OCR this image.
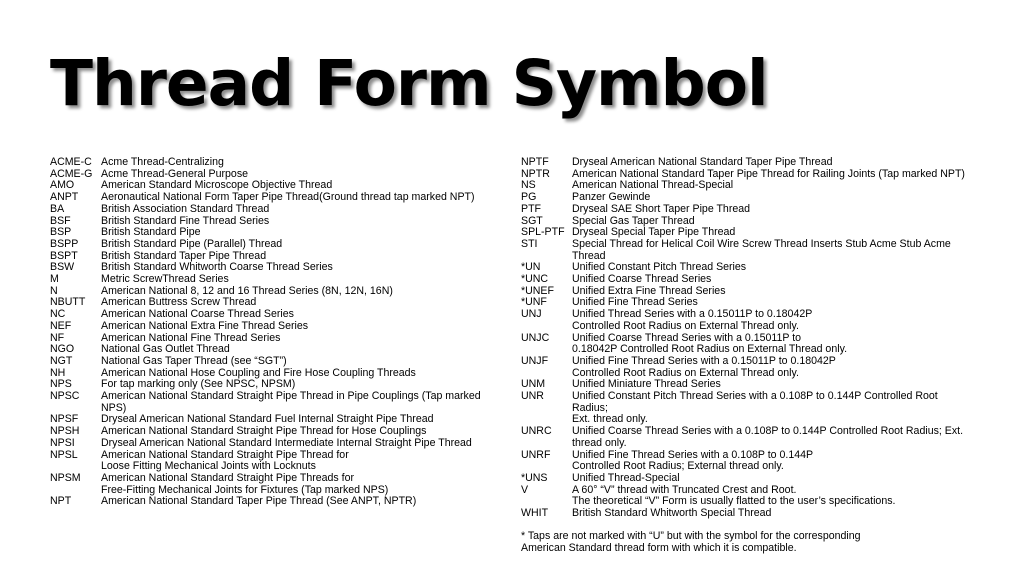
Thread Form Symbol
ACME-C Acme Thread-Centralizing
ACME-G Acme Thread-General Purpose
AMO	American Standard Microscope Objective Thread
ANPT Aeronautical National Form Taper Pipe Thread(Ground thread tap marked NPT)
BA	British Association Standard Thread
BSF	British Standard Fine Thread Series
BSP	British Standard Pipe
BSPP British Standard Pipe (Parallel) Thread
BSPT British Standard Taper Pipe Thread
BSW	British Standard Whitworth Coarse Thread Series
M	Metric ScrewThread Series
N	American National 8, 12 and 16 Thread Series (8N, 12N, 16N)
NBUTT American Buttress Screw Thread
NC	American National Coarse Thread Series
NEF	American National Extra Fine Thread Series
NF	American National Fine Thread Series
NGO	National Gas Outlet Thread
NGT	National Gas Taper Thread (see “SGT”)
NH	American National Hose Coupling and Fire Hose Coupling Threads
NPS	For tap marking only (See NPSC, NPSM)
NPSC American National Standard Straight Pipe Thread in Pipe Couplings (Tap marked NPS)
NPSF Dryseal American National Standard Fuel Internal Straight Pipe Thread
NPSH American National Standard Straight Pipe Thread for Hose Couplings
NPSI Dryseal American National Standard Intermediate Internal Straight Pipe Thread
NPSL American National Standard Straight Pipe Thread for
Loose Fitting Mechanical Joints with Locknuts
NPSM American National Standard Straight Pipe Threads for
Free-Fitting Mechanical Joints for Fixtures (Tap marked NPS)
NPT	American National Standard Taper Pipe Thread (See ANPT, NPTR)
NPTF Dryseal American National Standard Taper Pipe Thread
NPTR American National Standard Taper Pipe Thread for Railing Joints (Tap marked NPT)
NS	American National Thread-Special
PG	Panzer Gewinde
PTF	Dryseal SAE Short Taper Pipe Thread
SGT	Special Gas Taper Thread
SPL-PTF Dryseal Special Taper Pipe Thread
STI	Special Thread for Helical Coil Wire Screw Thread Inserts Stub Acme Stub Acme Thread
*UN	Unified Constant Pitch Thread Series
*UNC Unified Coarse Thread Series
*UNEF Unified Extra Fine Thread Series
*UNF Unified Fine Thread Series
UNJ	Unified Thread Series with a 0.15011P to 0.18042P
Controlled Root Radius on External Thread only.
UNJC Unified Coarse Thread Series with a 0.15011P to
0.18042P Controlled Root Radius on External Thread only.
UNJF Unified Fine Thread Series with a 0.15011P to 0.18042P
Controlled Root Radius on External Thread only.
UNM	Unified Miniature Thread Series
UNR	Unified Constant Pitch Thread Series with a 0.108P to 0.144P Controlled Root Radius;
Ext. thread only.
UNRC Unified Coarse Thread Series with a 0.108P to 0.144P Controlled Root Radius; Ext. thread only.
UNRF Unified Fine Thread Series with a 0.108P to 0.144P
Controlled Root Radius; External thread only.
*UNS Unified Thread-Special
V	A 60° “V” thread with Truncated Crest and Root.
The theoretical “V” Form is usually flatted to the user’s specifications.
WHIT British Standard Whitworth Special Thread
* Taps are not marked with “U” but with the symbol for the corresponding
American Standard thread form with which it is compatible.
